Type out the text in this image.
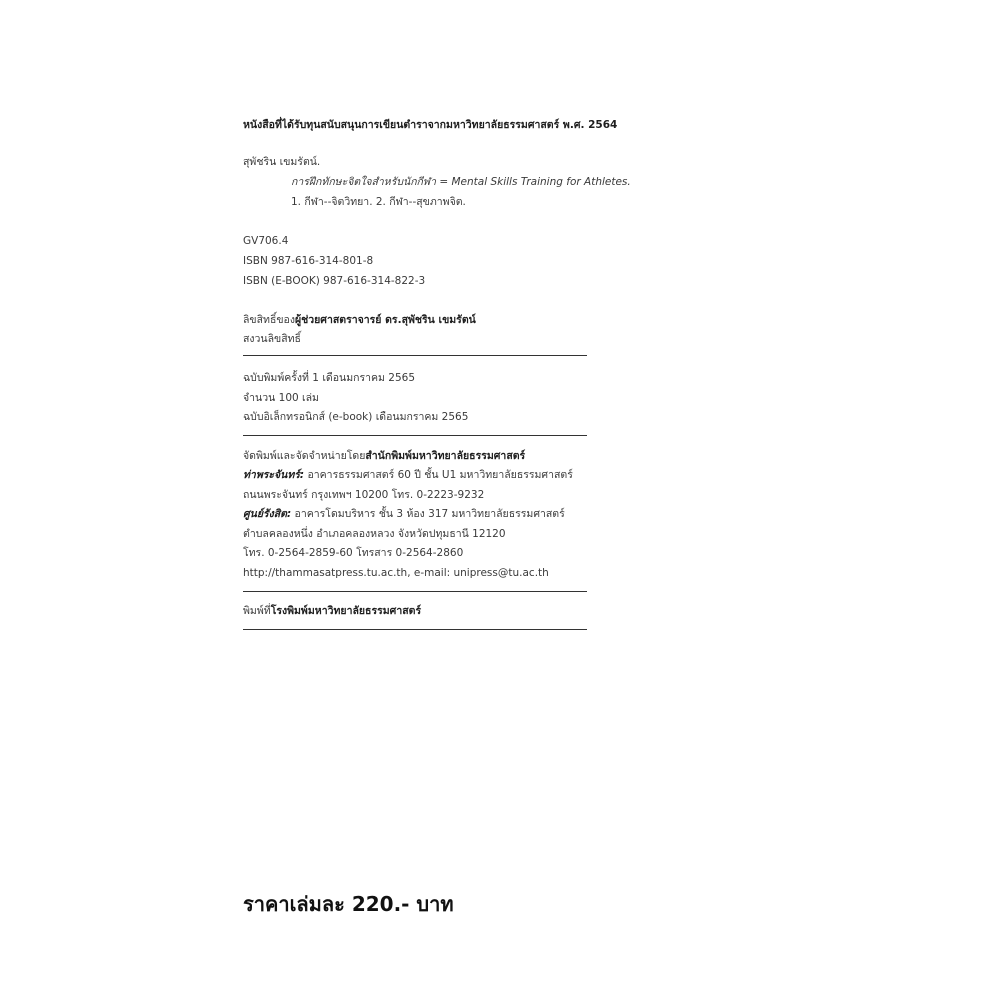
หนังสือที่ได้รับทุนสนับสนุนการเขียนตำราจากมหาวิทยาลัยธรรมศาสตร์ พ.ศ. 2564
สุพัชริน เขมรัตน์.
การฝึกทักษะจิตใจสำหรับนักกีฬา = Mental Skills Training for Athletes.
1. กีฬา--จิตวิทยา. 2. กีฬา--สุขภาพจิต.
GV706.4
ISBN 987-616-314-801-8
ISBN (E-BOOK) 987-616-314-822-3
ลิขสิทธิ์ของผู้ช่วยศาสตราจารย์ ดร.สุพัชริน เขมรัตน์
สงวนลิขสิทธิ์
ฉบับพิมพ์ครั้งที่ 1 เดือนมกราคม 2565
จำนวน 100 เล่ม
ฉบับอิเล็กทรอนิกส์ (e-book) เดือนมกราคม 2565
จัดพิมพ์และจัดจำหน่ายโดยสำนักพิมพ์มหาวิทยาลัยธรรมศาสตร์
ท่าพระจันทร์: อาคารธรรมศาสตร์ 60 ปี ชั้น U1 มหาวิทยาลัยธรรมศาสตร์
ถนนพระจันทร์ กรุงเทพฯ 10200 โทร. 0-2223-9232
ศูนย์รังสิต: อาคารโดมบริหาร ชั้น 3 ห้อง 317 มหาวิทยาลัยธรรมศาสตร์
ตำบลคลองหนึ่ง อำเภอคลองหลวง จังหวัดปทุมธานี 12120
โทร. 0-2564-2859-60 โทรสาร 0-2564-2860
http://thammasatpress.tu.ac.th, e-mail: unipress@tu.ac.th
พิมพ์ที่โรงพิมพ์มหาวิทยาลัยธรรมศาสตร์
ราคาเล่มละ 220.- บาท
